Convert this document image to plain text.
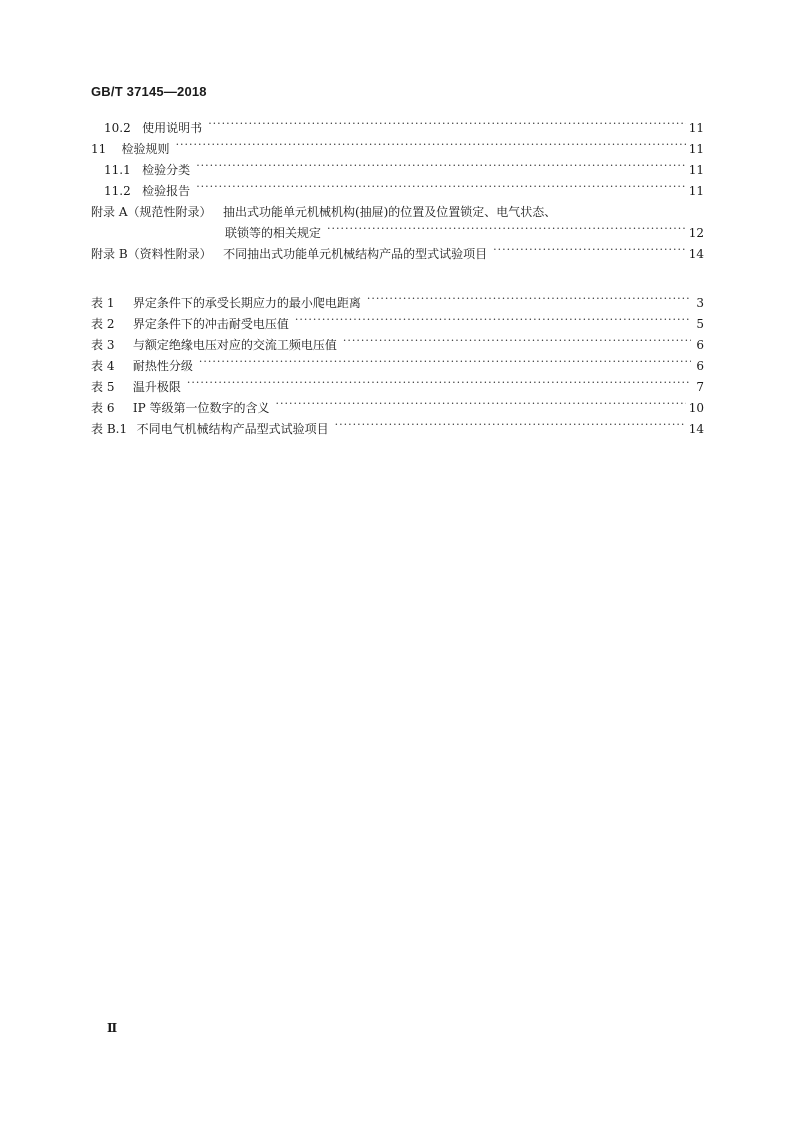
GB/T 37145—2018
10.2 使用说明书 ·····	11
11 检验规则 ·····	11
11.1 检验分类 ·····	11
11.2 检验报告 ·····	11
附录 A（规范性附录） 抽出式功能单元机械机构(抽屉)的位置及位置锁定、电气状态、
联锁等的相关规定 ·····	12
附录 B（资料性附录） 不同抽出式功能单元机械结构产品的型式试验项目 ·····	14
表 1 界定条件下的承受长期应力的最小爬电距离 ·····	3
表 2 界定条件下的冲击耐受电压值 ·····	5
表 3 与额定绝缘电压对应的交流工频电压值 ·····	6
表 4 耐热性分级 ·····	6
表 5 温升极限 ·····	7
表 6 IP 等级第一位数字的含义 ·····	10
表 B.1 不同电气机械结构产品型式试验项目 ·····	14
Ⅱ
